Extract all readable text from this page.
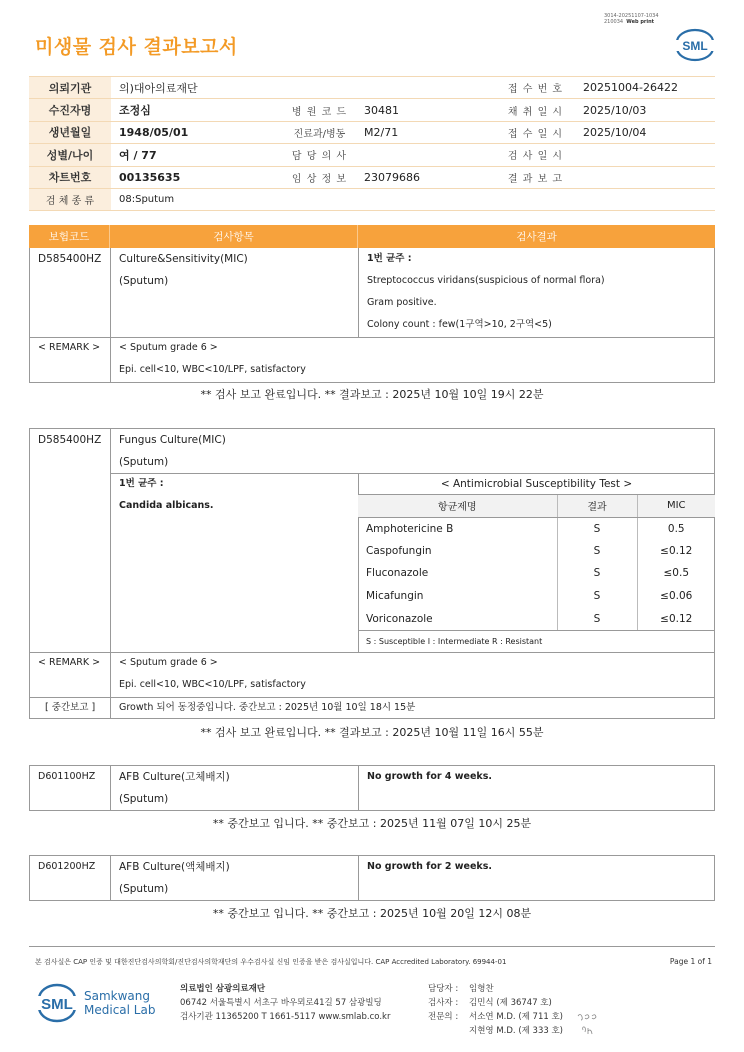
3014-20251107-1034
210034 Web print
미생물 검사 결과보고서	SML
의뢰기관	의)대아의료재단			접 수 번 호	20251004-26422
수진자명	조정심	병 원 코 드	30481	채 취 일 시	2025/10/03
생년월일	1948/05/01	진료과/병동	M2/71	접 수 일 시	2025/10/04
성별/나이	여 / 77	담 당 의 사		검 사 일 시	
차트번호	00135635	임 상 정 보	23079686	결 과 보 고	
검 체 종 류	08:Sputum				
보험코드	검사항목	검사결과
D585400HZ	Culture&Sensitivity(MIC)
(Sputum)
1번 균주 :
Streptococcus viridans(suspicious of normal flora)
Gram positive.
Colony count : few(1구역>10, 2구역<5)
< REMARK >	< Sputum grade 6 >
Epi. cell<10, WBC<10/LPF, satisfactory
** 검사 보고 완료입니다. ** 결과보고 : 2025년 10월 10일 19시 22분
D585400HZ	Fungus Culture(MIC)
(Sputum)
1번 균주 :
Candida albicans.
< Antimicrobial Susceptibility Test >
항균제명	결과	MIC
Amphotericine B	S	0.5
Caspofungin	S	≤0.12
Fluconazole	S	≤0.5
Micafungin	S	≤0.06
Voriconazole	S	≤0.12
S : Susceptible I : Intermediate R : Resistant
< REMARK >	< Sputum grade 6 >
Epi. cell<10, WBC<10/LPF, satisfactory
[ 중간보고 ]	Growth 되어 동정중입니다. 중간보고 : 2025년 10월 10일 18시 15분
** 검사 보고 완료입니다. ** 결과보고 : 2025년 10월 11일 16시 55분
D601100HZ	AFB Culture(고체배지)
(Sputum)
No growth for 4 weeks.
** 중간보고 입니다. ** 중간보고 : 2025년 11월 07일 10시 25분
D601200HZ	AFB Culture(액체배지)
(Sputum)
No growth for 2 weeks.
** 중간보고 입니다. ** 중간보고 : 2025년 10월 20일 12시 08분
본 검사실은 CAP 인증 및 대한진단검사의학회/진단검사의학재단의 우수검사실 신임 인증을 받은 검사실입니다. CAP Accredited Laboratory. 69944-01	Page 1 of 1
SML Samkwang
Medical Lab
의료법인 삼광의료재단
06742 서울특별시 서초구 바우뫼로41길 57 삼광빌딩
검사기관 11365200 T 1661-5117 www.smlab.co.kr
담당자 :	임형찬
검사자 :	김민식 (제 36747 호)
전문의 :	서소연 M.D. (제 711 호)
지현영 M.D. (제 333 호)
